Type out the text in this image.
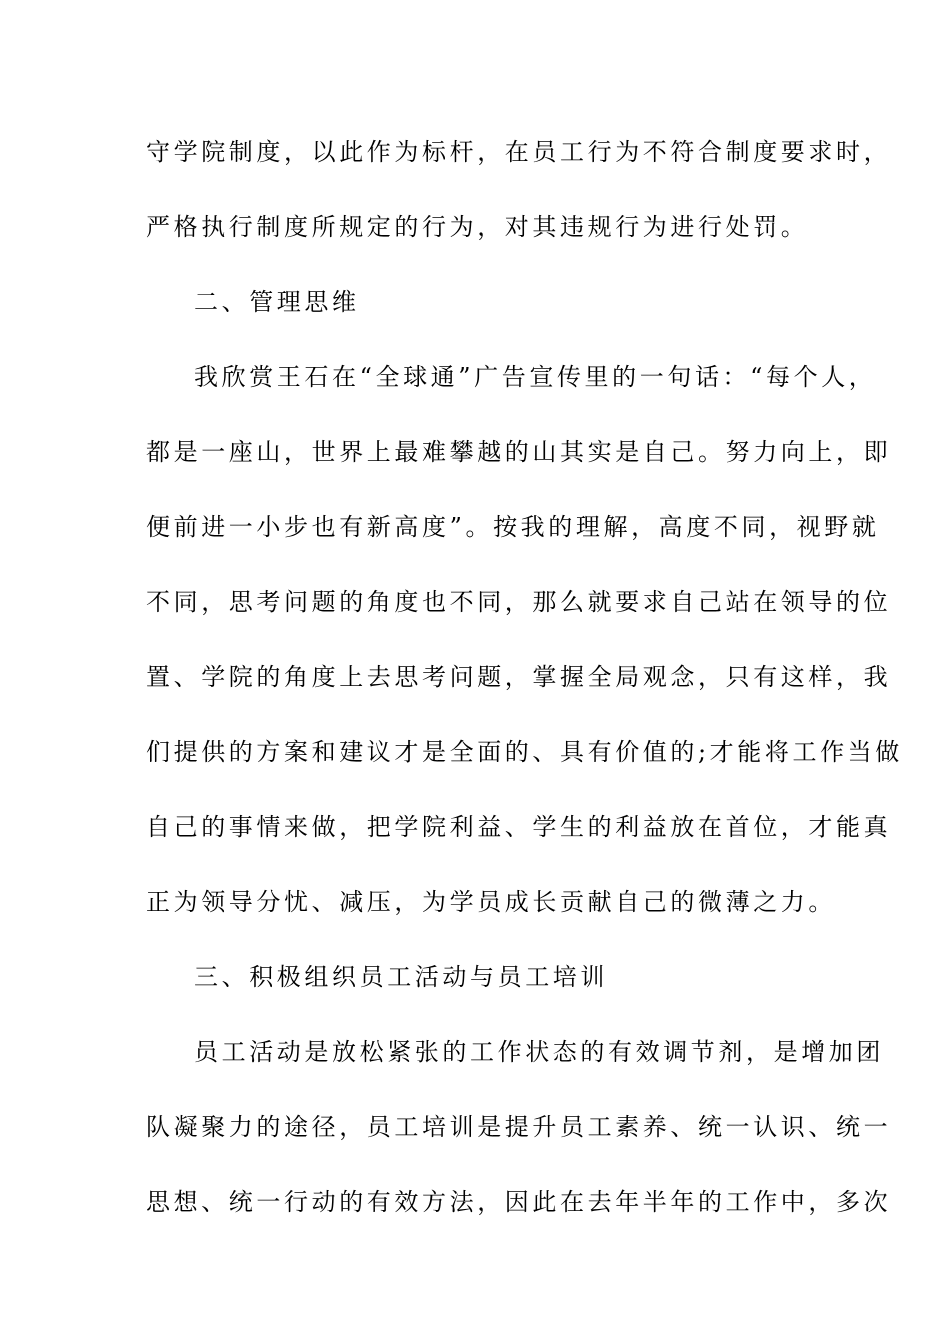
守学院制度，以此作为标杆，在员工行为不符合制度要求时，
严格执行制度所规定的行为，对其违规行为进行处罚。
二、管理思维
我欣赏王石在“全球通”广告宣传里的一句话：“每个人，
都是一座山，世界上最难攀越的山其实是自己。努力向上，即
便前进一小步也有新高度”。按我的理解，高度不同，视野就
不同，思考问题的角度也不同，那么就要求自己站在领导的位
置、学院的角度上去思考问题，掌握全局观念，只有这样，我
们提供的方案和建议才是全面的、具有价值的;才能将工作当做
自己的事情来做，把学院利益、学生的利益放在首位，才能真
正为领导分忧、减压，为学员成长贡献自己的微薄之力。
三、积极组织员工活动与员工培训
员工活动是放松紧张的工作状态的有效调节剂，是增加团
队凝聚力的途径，员工培训是提升员工素养、统一认识、统一
思想、统一行动的有效方法，因此在去年半年的工作中，多次
